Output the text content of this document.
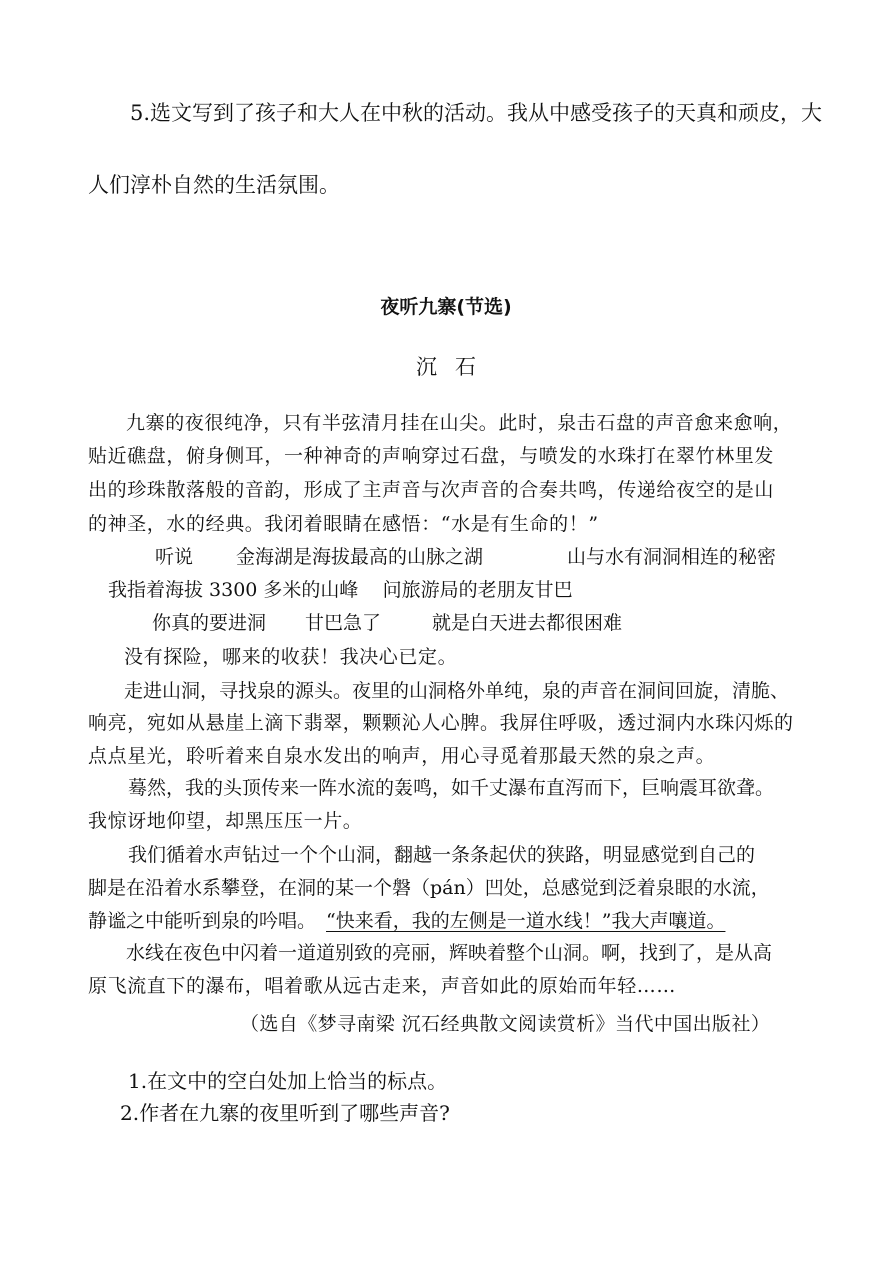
5.选文写到了孩子和大人在中秋的活动。我从中感受孩子的天真和顽皮，大
人们淳朴自然的生活氛围。
夜听九寨(节选)
沉石
九寨的夜很纯净，只有半弦清月挂在山尖。此时，泉击石盘的声音愈来愈响，
贴近礁盘，俯身侧耳，一种神奇的声响穿过石盘，与喷发的水珠打在翠竹林里发
出的珍珠散落般的音韵，形成了主声音与次声音的合奏共鸣，传递给夜空的是山
的神圣，水的经典。我闭着眼睛在感悟：“水是有生命的！”
听说 金海湖是海拔最高的山脉之湖	山与水有洞洞相连的秘密
我指着海拔 3300 多米的山峰    问旅游局的老朋友甘巴
你真的要进洞 甘巴急了	就是白天进去都很困难
没有探险，哪来的收获！我决心已定。
走进山洞，寻找泉的源头。夜里的山洞格外单纯，泉的声音在洞间回旋，清脆、
响亮，宛如从悬崖上滴下翡翠，颗颗沁人心脾。我屏住呼吸，透过洞内水珠闪烁的
点点星光，聆听着来自泉水发出的响声，用心寻觅着那最天然的泉之声。
蓦然，我的头顶传来一阵水流的轰鸣，如千丈瀑布直泻而下，巨响震耳欲聋。
我惊讶地仰望，却黑压压一片。
我们循着水声钻过一个个山洞，翻越一条条起伏的狭路，明显感觉到自己的
脚是在沿着水系攀登，在洞的某一个磐（pán）凹处，总感觉到泛着泉眼的水流，
静谧之中能听到泉的吟唱。 “快来看，我的左侧是一道水线！”我大声嚷道。
水线在夜色中闪着一道道别致的亮丽，辉映着整个山洞。啊，找到了，是从高
原飞流直下的瀑布，唱着歌从远古走来，声音如此的原始而年轻……
（选自《梦寻南梁 沉石经典散文阅读赏析》当代中国出版社）
1.在文中的空白处加上恰当的标点。
2.作者在九寨的夜里听到了哪些声音?
